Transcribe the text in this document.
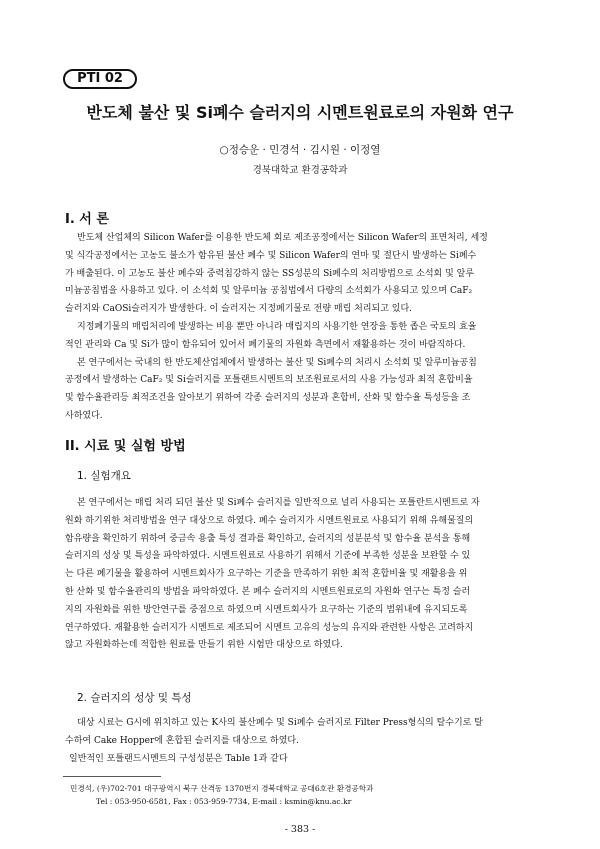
PTI 02
반도체 불산 및 Si폐수 슬러지의 시멘트원료로의 자원화 연구
○정승운 · 민경석 · 김시원 · 이정열
경북대학교 환경공학과
I. 서 론

반도체 산업체의 Silicon Wafer를 이용한 반도체 회로 제조공정에서는 Silicon Wafer의 표면처리, 세정
및 식각공정에서는 고농도 불소가 함유된 불산 폐수 및 Silicon Wafer의 연마 및 절단시 발생하는 Si폐수
가 배출된다. 이 고농도 불산 폐수와 중력침강하지 않는 SS성분의 Si폐수의 처리방법으로 소석회 및 알루
미늄공침법을 사용하고 있다. 이 소석회 및 알루미늄 공침법에서 다량의 소석회가 사용되고 있으며 CaF₂
슬러지와 CaOSi슬러지가 발생한다. 이 슬러지는 지정폐기물로 전량 매립 처리되고 있다.
지정폐기물의 매립처리에 발생하는 비용 뿐만 아니라 매립지의 사용기한 연장을 통한 좁은 국토의 효율
적인 관리와 Ca 및 Si가 많이 함유되어 있어서 폐기물의 자원화 측면에서 재활용하는 것이 바람직하다.
본 연구에서는 국내의 한 반도체산업체에서 발생하는 불산 및 Si폐수의 처리시 소석회 및 알루미늄공침
공정에서 발생하는 CaF₂ 및 Si슬러지를 포틀랜트시멘트의 보조원료로서의 사용 가능성과 최적 혼합비율
및 함수율관리등 최적조건을 알아보기 위하여 각종 슬러지의 성분과 혼합비, 산화 및 함수율 특성등을 조
사하였다.

II. 시료 및 실험 방법
1. 실험개요

본 연구에서는 매립 처리 되던 불산 및 Si폐수 슬러지를 일반적으로 널리 사용되는 포틀란트시멘트로 자
원화 하기위한 처리방법을 연구 대상으로 하였다. 폐수 슬러지가 시멘트원료로 사용되기 위해 유해물질의
함유량을 확인하기 위하여 중금속 용출 특성 결과를 확인하고, 슬러지의 성분분석 및 함수율 분석을 통해
슬러지의 성상 및 특성을 파악하였다. 시멘트원료로 사용하기 위해서 기준에 부족한 성분을 보완할 수 있
는 다른 폐기물을 활용하여 시멘트회사가 요구하는 기준을 만족하기 위한 최적 혼합비율 및 재활용을 위
한 산화 및 함수율관리의 방법을 파악하였다. 본 폐수 슬러지의 시멘트원료로의 자원화 연구는 특정 슬러
지의 자원화를 위한 방안연구를 중점으로 하였으며 시멘트회사가 요구하는 기준의 범위내에 유지되도록
연구하였다. 재활용한 슬러지가 시멘트로 제조되어 시멘트 고유의 성능의 유지와 관련한 사항은 고려하지
않고 자원화하는데 적합한 원료를 만들기 위한 시험만 대상으로 하였다.

2. 슬러지의 성상 및 특성

대상 시료는 G시에 위치하고 있는 K사의 불산폐수 및 Si폐수 슬러지로 Filter Press형식의 탈수기로 탈
수하여 Cake Hopper에 혼합된 슬러지를 대상으로 하였다.
일반적인 포틀랜드시멘트의 구성성분은 Table 1과 같다

민경석, (우)702-701 대구광역시 북구 산격동 1370번지 경북대학교 공대6호관 환경공학과
Tel : 053-950-6581, Fax : 053-959-7734, E-mail : ksmin@knu.ac.kr
- 383 -
